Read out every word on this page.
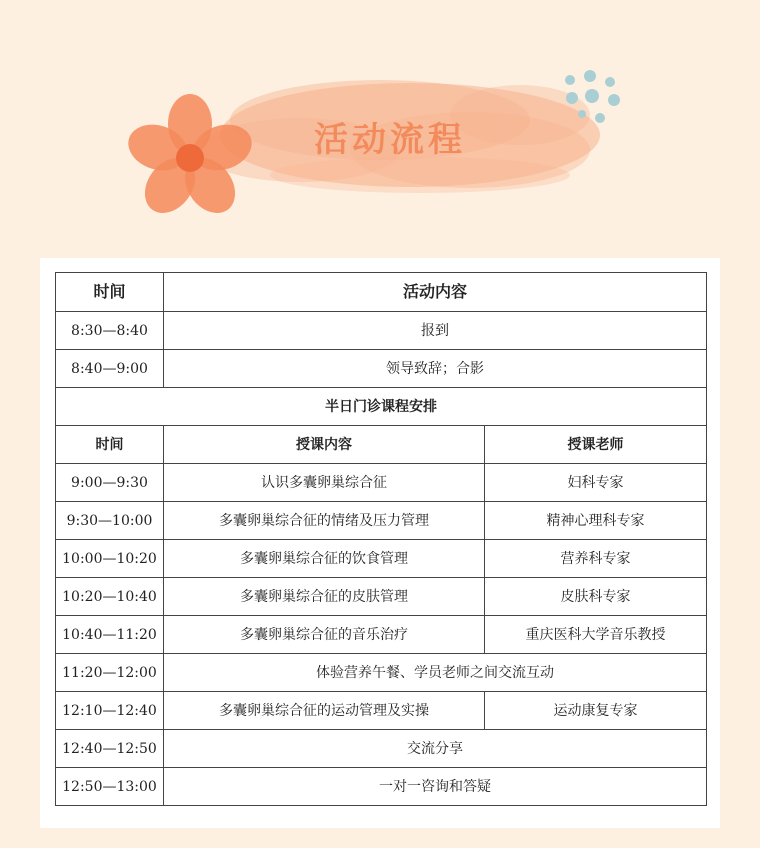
活动流程
时间	活动内容	
8:30—8:40	报到	
8:40—9:00	领导致辞；合影	
半日门诊课程安排		
时间	授课内容	授课老师
9:00—9:30	认识多囊卵巢综合征	妇科专家
9:30—10:00	多囊卵巢综合征的情绪及压力管理	精神心理科专家
10:00—10:20	多囊卵巢综合征的饮食管理	营养科专家
10:20—10:40	多囊卵巢综合征的皮肤管理	皮肤科专家
10:40—11:20	多囊卵巢综合征的音乐治疗	重庆医科大学音乐教授
11:20—12:00	体验营养午餐、学员老师之间交流互动	
12:10—12:40	多囊卵巢综合征的运动管理及实操	运动康复专家
12:40—12:50	交流分享	
12:50—13:00	一对一咨询和答疑	
